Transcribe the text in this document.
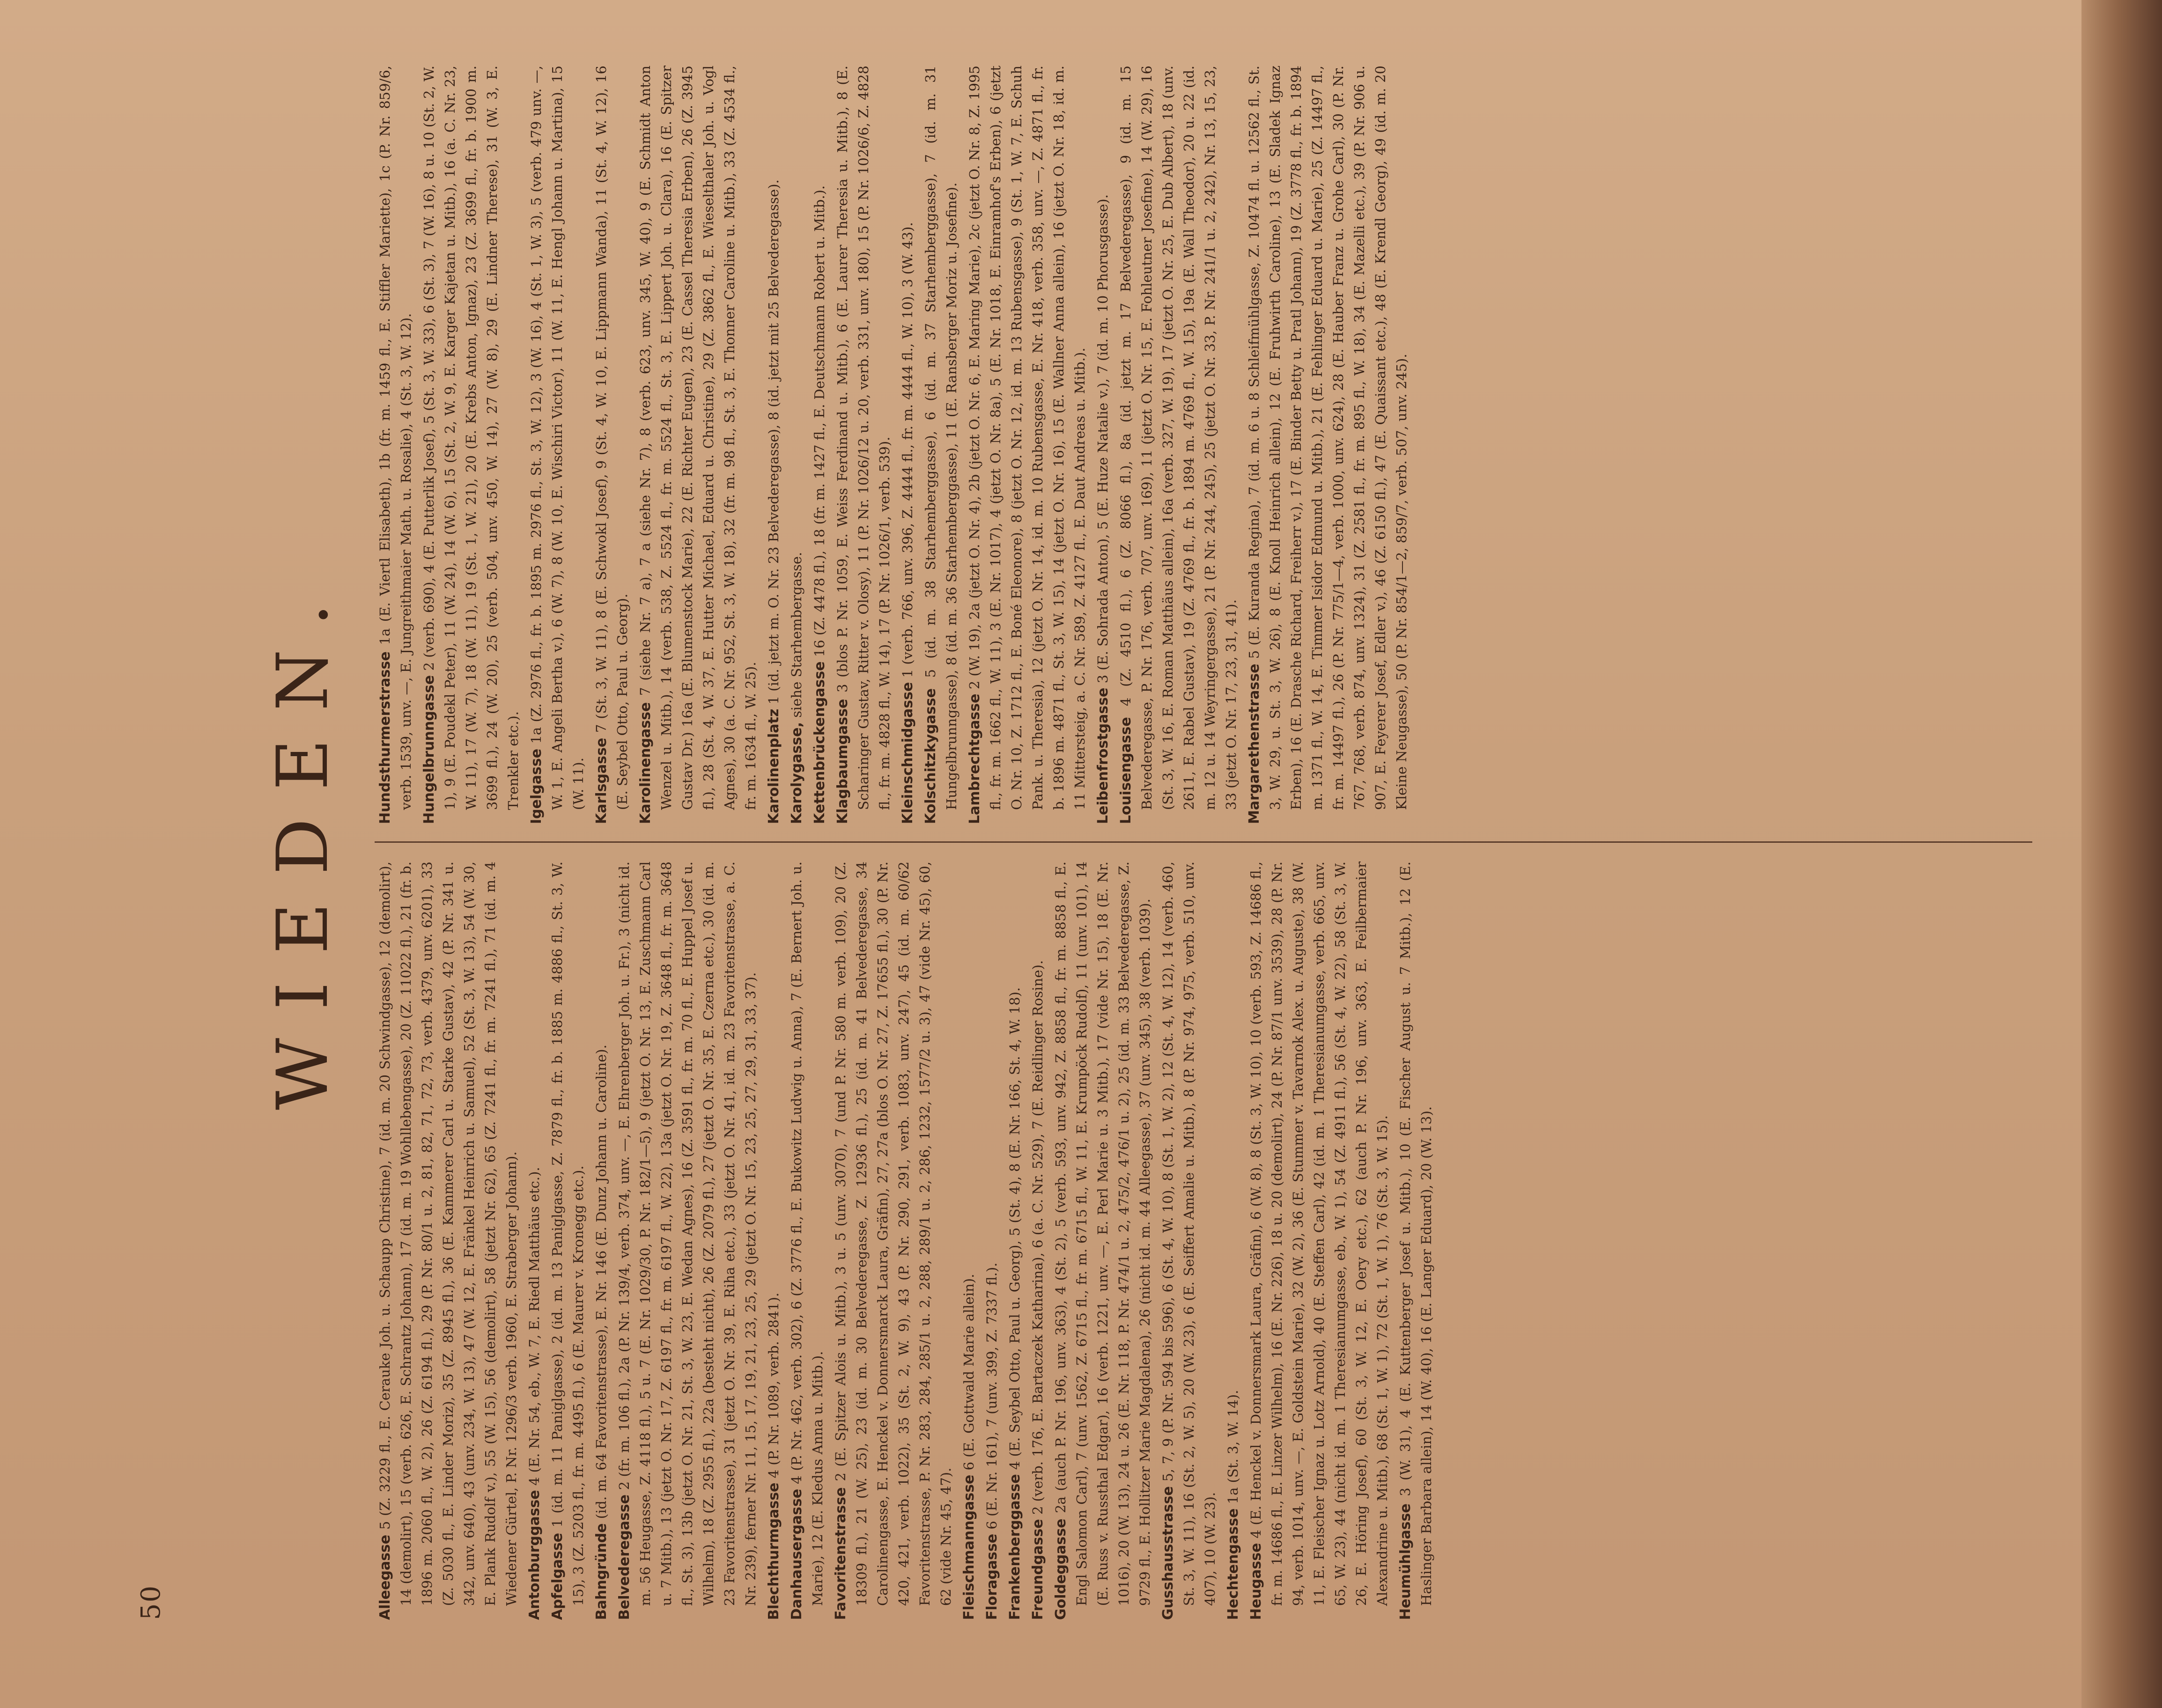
50
WIEDEN.

Alleegasse 5 (Z. 3229 fl., E. Cerauke Joh. u. Schaupp Christine), 7 (id. m. 20 Schwindgasse), 12 (demolirt), 14 (demolirt), 15 (verb. 626, E. Schrantz Johann), 17 (id. m. 19 Wohllebengasse), 20 (Z. 11022 fl.), 21 (fr. b. 1896 m. 2060 fl., W. 2), 26 (Z. 6194 fl.), 29 (P. Nr. 80/1 u. 2, 81, 82, 71, 72, 73, verb. 4379, unv. 6201), 33 (Z. 5030 fl., E. Linder Moriz), 35 (Z. 8945 fl.), 36 (E. Kammerer Carl u. Starke Gustav), 42 (P. Nr. 341 u. 342, unv. 640), 43 (unv. 234, W. 13), 47 (W. 12, E. Fränkel Heinrich u. Samuel), 52 (St. 3, W. 13), 54 (W. 30, E. Plank Rudolf v.), 55 (W. 15), 56 (demolirt), 58 (jetzt Nr. 62), 65 (Z. 7241 fl., fr. m. 7241 fl.), 71 (id. m. 4 Wiedener Gürtel, P. Nr. 1296/3 verb. 1960, E. Straberger Johann). Antonburggasse 4 (E. Nr. 54, eb., W. 7, E. Riedl Matthäus etc.).

Apfelgasse 1 (id. m. 11 Paniglgasse), 2 (id. m. 13 Paniglgasse, Z. 7879 fl., fr. b. 1885 m. 4886 fl., St. 3, W. 15), 3 (Z. 5203 fl., fr. m. 4495 fl.), 6 (E. Maurer v. Kronegg etc.). Bahngründe (id. m. 64 Favoritenstrasse), E. Nr. 146 (E. Dunz Johann u. Caroline).

Belvederegasse 2 (fr. m. 106 fl.), 2a (P. Nr. 139/4, verb. 374, unv. —, E. Ehrenberger Joh. u. Fr.), 3 (nicht id. m. 56 Heugasse, Z. 4118 fl.), 5 u. 7 (E. Nr. 1029/30, P. Nr. 182/1—5), 9 (jetzt O. Nr. 13, E. Zuschmann Carl u. 7 Mitb.), 13 (jetzt O. Nr. 17, Z. 6197 fl., fr. m. 6197 fl., W. 22), 13a (jetzt O. Nr. 19, Z. 3648 fl., fr. m. 3648 fl., St. 3), 13b (jetzt O. Nr. 21, St. 3, W. 23, E. Wedan Agnes), 16 (Z. 3591 fl., fr. m. 70 fl., E. Huppel Josef u. Wilhelm), 18 (Z. 2955 fl.), 22a (besteht nicht), 26 (Z. 2079 fl.), 27 (jetzt O. Nr. 35, E. Czerna etc.), 30 (id. m. 23 Favoritenstrasse), 31 (jetzt O. Nr. 39, E. Riha etc.), 33 (jetzt O. Nr. 41, id. m. 23 Favoritenstrasse, a. C. Nr. 239), ferner Nr. 11, 15, 17, 19, 21, 23, 25, 29 (jetzt O. Nr. 15, 23, 25, 27, 29, 31, 33, 37). Blechthurmgasse 4 (P. Nr. 1089, verb. 2841).

Danhausergasse 4 (P. Nr. 462, verb. 302), 6 (Z. 3776 fl., E. Bukowitz Ludwig u. Anna), 7 (E. Bernert Joh. u. Marie), 12 (E. Kledus Anna u. Mitb.). Favoritenstrasse 2 (E. Spitzer Alois u. Mitb.), 3 u. 5 (unv. 3070), 7 (und P. Nr. 580 m. verb. 109), 20 (Z. 18309 fl.), 21 (W. 25), 23 (id. m. 30 Belvederegasse, Z. 12936 fl.), 25 (id. m. 41 Belvederegasse, 34 Carolinengasse, E. Henckel v. Donnersmarck Laura, Gräfin), 27, 27a (blos O. Nr. 27, Z. 17655 fl.), 30 (P. Nr. 420, 421, verb. 1022), 35 (St. 2, W. 9), 43 (P. Nr. 290, 291, verb. 1083, unv. 247), 45 (id. m. 60/62 Favoritenstrasse, P. Nr. 283, 284, 285/1 u. 2, 288, 289/1 u. 2, 286, 1232, 1577/2 u. 3), 47 (vide Nr. 45), 60, 62 (vide Nr. 45, 47). Fleischmanngasse 6 (E. Gottwald Marie allein).

Floragasse 6 (E. Nr. 161), 7 (unv. 399, Z. 7337 fl.).

Frankenberggasse 4 (E. Seybel Otto, Paul u. Georg), 5 (St. 4), 8 (E. Nr. 166, St. 4, W. 18).

Freundgasse 2 (verb. 176, E. Bartaczek Katharina), 6 (a. C. Nr. 529), 7 (E. Reidlinger Rosine).

Goldeggasse 2a (auch P. Nr. 196, unv. 363), 4 (St. 2), 5 (verb. 593, unv. 942, Z. 8858 fl., fr. m. 8858 fl., E. Engl Salomon Carl), 7 (unv. 1562, Z. 6715 fl., fr. m. 6715 fl., W. 11, E. Krumpöck Rudolf), 11 (unv. 101), 14 (E. Russ v. Russthal Edgar), 16 (verb. 1221, unv. —, E. Perl Marie u. 3 Mitb.), 17 (vide Nr. 15), 18 (E. Nr. 1016), 20 (W. 13), 24 u. 26 (E. Nr. 118, P. Nr. 474/1 u. 2, 475/2, 476/1 u. 2), 25 (id. m. 33 Belvederegasse, Z. 9729 fl., E. Hollitzer Marie Magdalena), 26 (nicht id. m. 44 Alleegasse), 37 (unv. 345), 38 (verb. 1039). Gusshausstrasse 5, 7, 9 (P. Nr. 594 bis 596), 6 (St. 4, W. 10), 8 (St. 1, W. 2), 12 (St. 4, W. 12), 14 (verb. 460, St. 3, W. 11), 16 (St. 2, W. 5), 20 (W. 23), 6 (E. Seiffert Amalie u. Mitb.), 8 (P. Nr. 974, 975, verb. 510, unv. 407), 10 (W. 23). Hechtengasse 1a (St. 3, W. 14).

Heugasse 4 (E. Henckel v. Donnersmark Laura, Gräfin), 6 (W. 8), 8 (St. 3, W. 10), 10 (verb. 593, Z. 14686 fl., fr. m. 14686 fl., E. Linzer Wilhelm), 16 (E. Nr. 226), 18 u. 20 (demolirt), 24 (P. Nr. 87/1 unv. 3539), 28 (P. Nr. 94, verb. 1014, unv. —, E. Goldstein Marie), 32 (W. 2), 36 (E. Stummer v. Tavarnok Alex. u. Auguste), 38 (W. 11, E. Fleischer Ignaz u. Lotz Arnold), 40 (E. Steffen Carl), 42 (id. m. 1 Theresianumgasse, verb. 665, unv. 65, W. 23), 44 (nicht id. m. 1 Theresianumgasse, eb., W. 1), 54 (Z. 4911 fl.), 56 (St. 4, W. 22), 58 (St. 3, W. 26, E. Höring Josef), 60 (St. 3, W. 12, E. Oery etc.), 62 (auch P. Nr. 196, unv. 363, E. Feilbermaier Alexandrine u. Mitb.), 68 (St. 1, W. 1), 72 (St. 1, W. 1), 76 (St. 3, W. 15). Heumühlgasse 3 (W. 31), 4 (E. Kuttenberger Josef u. Mitb.), 10 (E. Fischer August u. 7 Mitb.), 12 (E. Haslinger Barbara allein), 14 (W. 40), 16 (E. Langer Eduard), 20 (W. 13).

Hundsthurmerstrasse 1a (E. Viertl Elisabeth), 1b (fr. m. 1459 fl., E. Stiffler Mariette), 1c (P. Nr. 859/6, verb. 1539, unv. —, E. Jungreithmaier Math. u. Rosalie), 4 (St. 3, W. 12). Hungelbrunngasse 2 (verb. 690), 4 (E. Putterlik Josef), 5 (St. 3, W. 33), 6 (St. 3), 7 (W. 16), 8 u. 10 (St. 2, W. 1), 9 (E. Poudekl Peter), 11 (W. 24), 14 (W. 6), 15 (St. 2, W. 9, E. Karger Kajetan u. Mitb.), 16 (a. C. Nr. 23, W. 11), 17 (W. 7), 18 (W. 11), 19 (St. 1, W. 21), 20 (E. Krebs Anton, Ignaz), 23 (Z. 3699 fl., fr. b. 1900 m. 3699 fl.), 24 (W. 20), 25 (verb. 504, unv. 450, W. 14), 27 (W. 8), 29 (E. Lindner Therese), 31 (W. 3, E. Trenkler etc.). Igelgasse 1a (Z. 2976 fl., fr. b. 1895 m. 2976 fl., St. 3, W. 12), 3 (W. 16), 4 (St. 1, W. 3), 5 (verb. 479 unv. —, W. 1, E. Angeli Bertha v.), 6 (W. 7), 8 (W. 10, E. Wischiri Victor), 11 (W. 11, E. Hengl Johann u. Martina), 15 (W. 11). Karlsgasse 7 (St. 3, W. 11), 8 (E. Schwokl Josef), 9 (St. 4, W. 10, E. Lippmann Wanda), 11 (St. 4, W. 12), 16 (E. Seybel Otto, Paul u. Georg). Karolinengasse 7 (siehe Nr. 7 a), 7 a (siehe Nr. 7), 8 (verb. 623, unv. 345, W. 40), 9 (E. Schmidt Anton Wenzel u. Mitb.), 14 (verb. 538, Z. 5524 fl., fr. m. 5524 fl., St. 3, E. Lippert Joh. u. Clara), 16 (E. Spitzer Gustav Dr.) 16a (E. Blumenstock Marie), 22 (E. Richter Eugen), 23 (E. Cassel Theresia Erben), 26 (Z. 3945 fl.), 28 (St. 4, W. 37, E. Hutter Michael, Eduard u. Christine), 29 (Z. 3862 fl., E. Wieselthaler Joh. u. Vogl Agnes), 30 (a. C. Nr. 952, St. 3, W. 18), 32 (fr. m. 98 fl., St. 3, E. Thonner Caroline u. Mitb.), 33 (Z. 4534 fl., fr. m. 1634 fl., W. 25). Karolinenplatz 1 (id. jetzt m. O. Nr. 23 Belvederegasse), 8 (id. jetzt mit 25 Belvederegasse).

Karolygasse, siehe Starhembergasse.

Kettenbrückengasse 16 (Z. 4478 fl.), 18 (fr. m. 1427 fl., E. Deutschmann Robert u. Mitb.).

Klagbaumgasse 3 (blos P. Nr. 1059, E. Weiss Ferdinand u. Mitb.), 6 (E. Laurer Theresia u. Mitb.), 8 (E. Scharinger Gustav, Ritter v. Olosy), 11 (P. Nr. 1026/12 u. 20, verb. 331, unv. 180), 15 (P. Nr. 1026/6, Z. 4828 fl., fr. m. 4828 fl., W. 14), 17 (P. Nr. 1026/1, verb. 539). Kleinschmidgasse 1 (verb. 766, unv. 396, Z. 4444 fl., fr. m. 4444 fl., W. 10), 3 (W. 43).

Kolschitzkygasse 5 (id. m. 38 Starhemberggasse), 6 (id. m. 37 Starhemberggasse), 7 (id. m. 31 Hungelbrunngasse), 8 (id. m. 36 Starhemberggasse), 11 (E. Ransberger Moriz u. Josefine). Lambrechtgasse 2 (W. 19), 2a (jetzt O. Nr. 4), 2b (jetzt O. Nr. 6, E. Maring Marie), 2c (jetzt O. Nr. 8, Z. 1995 fl., fr. m. 1662 fl., W. 11), 3 (E. Nr. 1017), 4 (jetzt O. Nr. 8a), 5 (E. Nr. 1018, E. Einramhof's Erben), 6 (jetzt O. Nr. 10, Z. 1712 fl., E. Boné Eleonore), 8 (jetzt O. Nr. 12, id. m. 13 Rubensgasse), 9 (St. 1, W. 7, E. Schuh Pank. u. Theresia), 12 (jetzt O. Nr. 14, id. m. 10 Rubensgasse, E. Nr. 418, verb. 358, unv. —, Z. 4871 fl., fr. b. 1896 m. 4871 fl., St. 3, W. 15), 14 (jetzt O. Nr. 16), 15 (E. Wallner Anna allein), 16 (jetzt O. Nr. 18, id. m. 11 Mittersteig, a. C. Nr. 589, Z. 4127 fl., E. Daut Andreas u. Mitb.). Leibenfrostgasse 3 (E. Sohrada Anton), 5 (E. Huze Natalie v.), 7 (id. m. 10 Phorusgasse).

Louisengasse 4 (Z. 4510 fl.), 6 (Z. 8066 fl.), 8a (id. jetzt m. 17 Belvederegasse), 9 (id. m. 15 Belvederegasse, P. Nr. 176, verb. 707, unv. 169), 11 (jetzt O. Nr. 15, E. Fohleutner Josefine), 14 (W. 29), 16 (St. 3, W. 16, E. Roman Matthäus allein), 16a (verb. 327, W. 19), 17 (jetzt O. Nr. 25, E. Dub Albert), 18 (unv. 2611, E. Rabel Gustav), 19 (Z. 4769 fl., fr. b. 1894 m. 4769 fl., W. 15), 19a (E. Wall Theodor), 20 u. 22 (id. m. 12 u. 14 Weyringergasse), 21 (P. Nr. 244, 245), 25 (jetzt O. Nr. 33, P. Nr. 241/1 u. 2, 242), Nr. 13, 15, 23, 33 (jetzt O. Nr. 17, 23, 31, 41). Margarethenstrasse 5 (E. Kuranda Regina), 7 (id. m. 6 u. 8 Schleifmühlgasse, Z. 10474 fl. u. 12562 fl., St. 3, W. 29, u. St. 3, W. 26), 8 (E. Knoll Heinrich allein), 12 (E. Fruhwirth Caroline), 13 (E. Sladek Ignaz Erben), 16 (E. Drasche Richard, Freiherr v.), 17 (E. Binder Betty u. Pratl Johann), 19 (Z. 3778 fl., fr. b. 1894 m. 1371 fl., W. 14, E. Timmer Isidor Edmund u. Mitb.), 21 (E. Fehlinger Eduard u. Marie), 25 (Z. 14497 fl., fr. m. 14497 fl.), 26 (P. Nr. 775/1—4, verb. 1000, unv. 624), 28 (E. Hauber Franz u. Grohe Carl), 30 (P. Nr. 767, 768, verb. 874, unv. 1324), 31 (Z. 2581 fl., fr. m. 895 fl., W. 18), 34 (E. Mazelli etc.), 39 (P. Nr. 906 u. 907, E. Feyerer Josef, Edler v.), 46 (Z. 6150 fl.), 47 (E. Quaissant etc.), 48 (E. Krendl Georg), 49 (id. m. 20 Kleine Neugasse), 50 (P. Nr. 854/1—2, 859/7, verb. 507, unv. 245).
